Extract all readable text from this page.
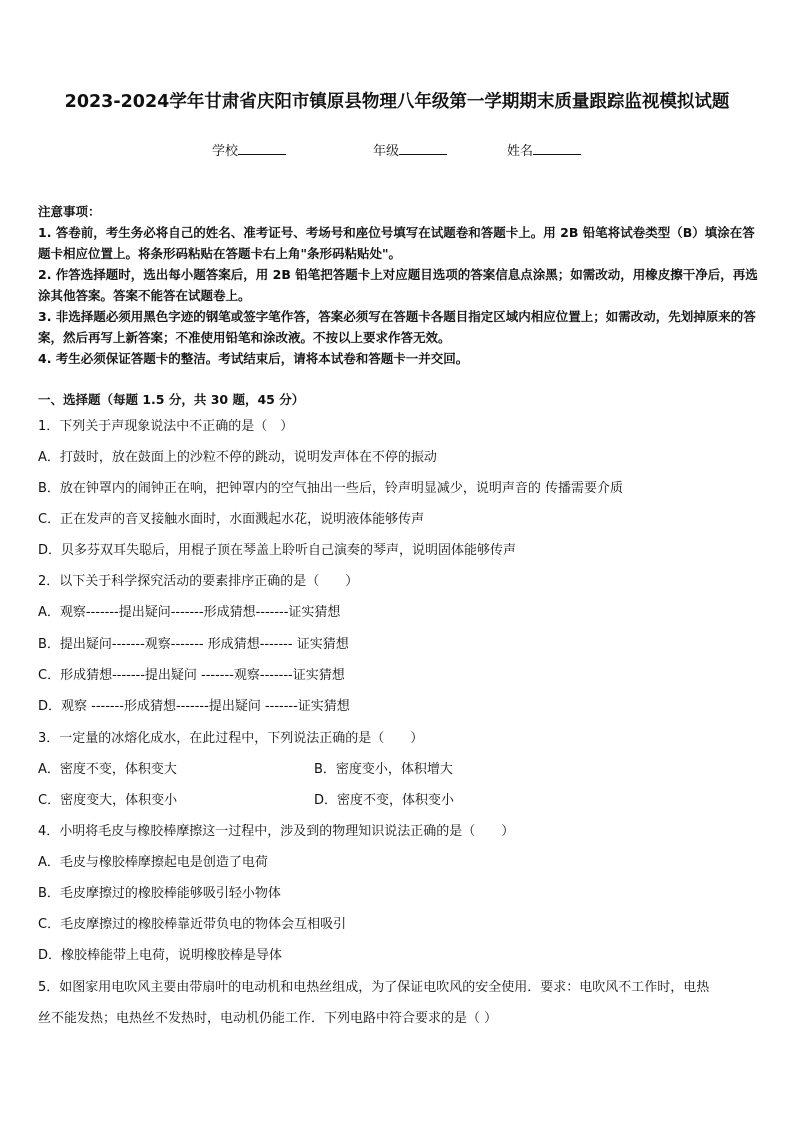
2023-2024学年甘肃省庆阳市镇原县物理八年级第一学期期末质量跟踪监视模拟试题
学校	年级	姓名
注意事项：
1. 答卷前，考生务必将自己的姓名、准考证号、考场号和座位号填写在试题卷和答题卡上。用 2B 铅笔将试卷类型（B）填涂在答题卡相应位置上。将条形码粘贴在答题卡右上角"条形码粘贴处"。
2. 作答选择题时，选出每小题答案后，用 2B 铅笔把答题卡上对应题目选项的答案信息点涂黑；如需改动，用橡皮擦干净后，再选涂其他答案。答案不能答在试题卷上。
3. 非选择题必须用黑色字迹的钢笔或签字笔作答，答案必须写在答题卡各题目指定区域内相应位置上；如需改动，先划掉原来的答案，然后再写上新答案；不准使用铅笔和涂改液。不按以上要求作答无效。
4. 考生必须保证答题卡的整洁。考试结束后，请将本试卷和答题卡一并交回。
一、选择题（每题 1.5 分，共 30 题，45 分）
1．下列关于声现象说法中不正确的是（　）
A．打鼓时，放在鼓面上的沙粒不停的跳动，说明发声体在不停的振动
B．放在钟罩内的闹钟正在响，把钟罩内的空气抽出一些后，铃声明显减少，说明声音的 传播需要介质
C．正在发声的音叉接触水面时，水面溅起水花，说明液体能够传声
D．贝多芬双耳失聪后，用棍子顶在琴盖上聆听自己演奏的琴声，说明固体能够传声
2．以下关于科学探究活动的要素排序正确的是（　　）
A．观察-------提出疑问-------形成猜想-------证实猜想
B．提出疑问-------观察------- 形成猜想------- 证实猜想
C．形成猜想-------提出疑问 -------观察-------证实猜想
D．观察 -------形成猜想-------提出疑问 -------证实猜想
3．一定量的冰熔化成水，在此过程中，下列说法正确的是（　　）
A．密度不变，体积变大	B．密度变小，体积增大
C．密度变大，体积变小	D．密度不变，体积变小
4．小明将毛皮与橡胶棒摩擦这一过程中，涉及到的物理知识说法正确的是（　　）
A．毛皮与橡胶棒摩擦起电是创造了电荷
B．毛皮摩擦过的橡胶棒能够吸引轻小物体
C．毛皮摩擦过的橡胶棒靠近带负电的物体会互相吸引
D．橡胶棒能带上电荷，说明橡胶棒是导体
5．如图家用电吹风主要由带扇叶的电动机和电热丝组成，为了保证电吹风的安全使用．要求：电吹风不工作时，电热
丝不能发热；电热丝不发热时，电动机仍能工作．下列电路中符合要求的是（ ）
